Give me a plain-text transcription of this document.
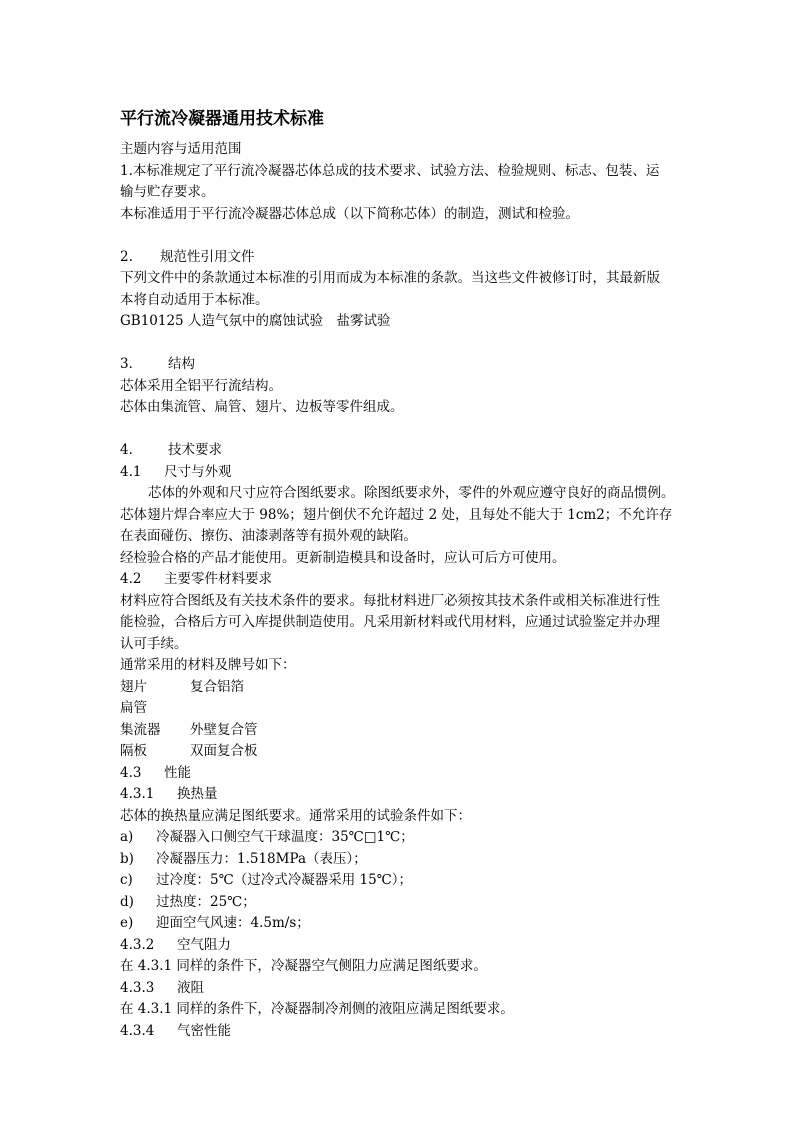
平行流冷凝器通用技术标准
主题内容与适用范围
1.本标准规定了平行流冷凝器芯体总成的技术要求、试验方法、检验规则、标志、包装、运
输与贮存要求。
本标准适用于平行流冷凝器芯体总成（以下简称芯体）的制造，测试和检验。
2. 规范性引用文件
下列文件中的条款通过本标准的引用而成为本标准的条款。当这些文件被修订时，其最新版
本将自动适用于本标准。
GB10125 人造气氛中的腐蚀试验　盐雾试验
3． 结构
芯体采用全铝平行流结构。
芯体由集流管、扁管、翅片、边板等零件组成。
4． 技术要求
4.1 尺寸与外观
芯体的外观和尺寸应符合图纸要求。除图纸要求外，零件的外观应遵守良好的商品惯例。
芯体翅片焊合率应大于 98%；翅片倒伏不允许超过 2 处，且每处不能大于 1cm2；不允许存
在表面碰伤、擦伤、油漆剥落等有损外观的缺陷。
经检验合格的产品才能使用。更新制造模具和设备时，应认可后方可使用。
4.2 主要零件材料要求
材料应符合图纸及有关技术条件的要求。每批材料进厂必须按其技术条件或相关标准进行性
能检验，合格后方可入库提供制造使用。凡采用新材料或代用材料，应通过试验鉴定并办理
认可手续。
通常采用的材料及牌号如下：
翅片	复合铝箔
扁管
集流器 外壁复合管
隔板	双面复合板
4.3 性能
4.3.1 换热量
芯体的换热量应满足图纸要求。通常采用的试验条件如下：
a) 冷凝器入口侧空气干球温度：35℃□1℃；
b) 冷凝器压力：1.518MPa（表压）；
c) 过冷度：5℃（过冷式冷凝器采用 15℃）；
d) 过热度：25℃；
e) 迎面空气风速：4.5m/s；
4.3.2 空气阻力
在 4.3.1 同样的条件下，冷凝器空气侧阻力应满足图纸要求。
4.3.3 液阻
在 4.3.1 同样的条件下，冷凝器制冷剂侧的液阻应满足图纸要求。
4.3.4 气密性能
